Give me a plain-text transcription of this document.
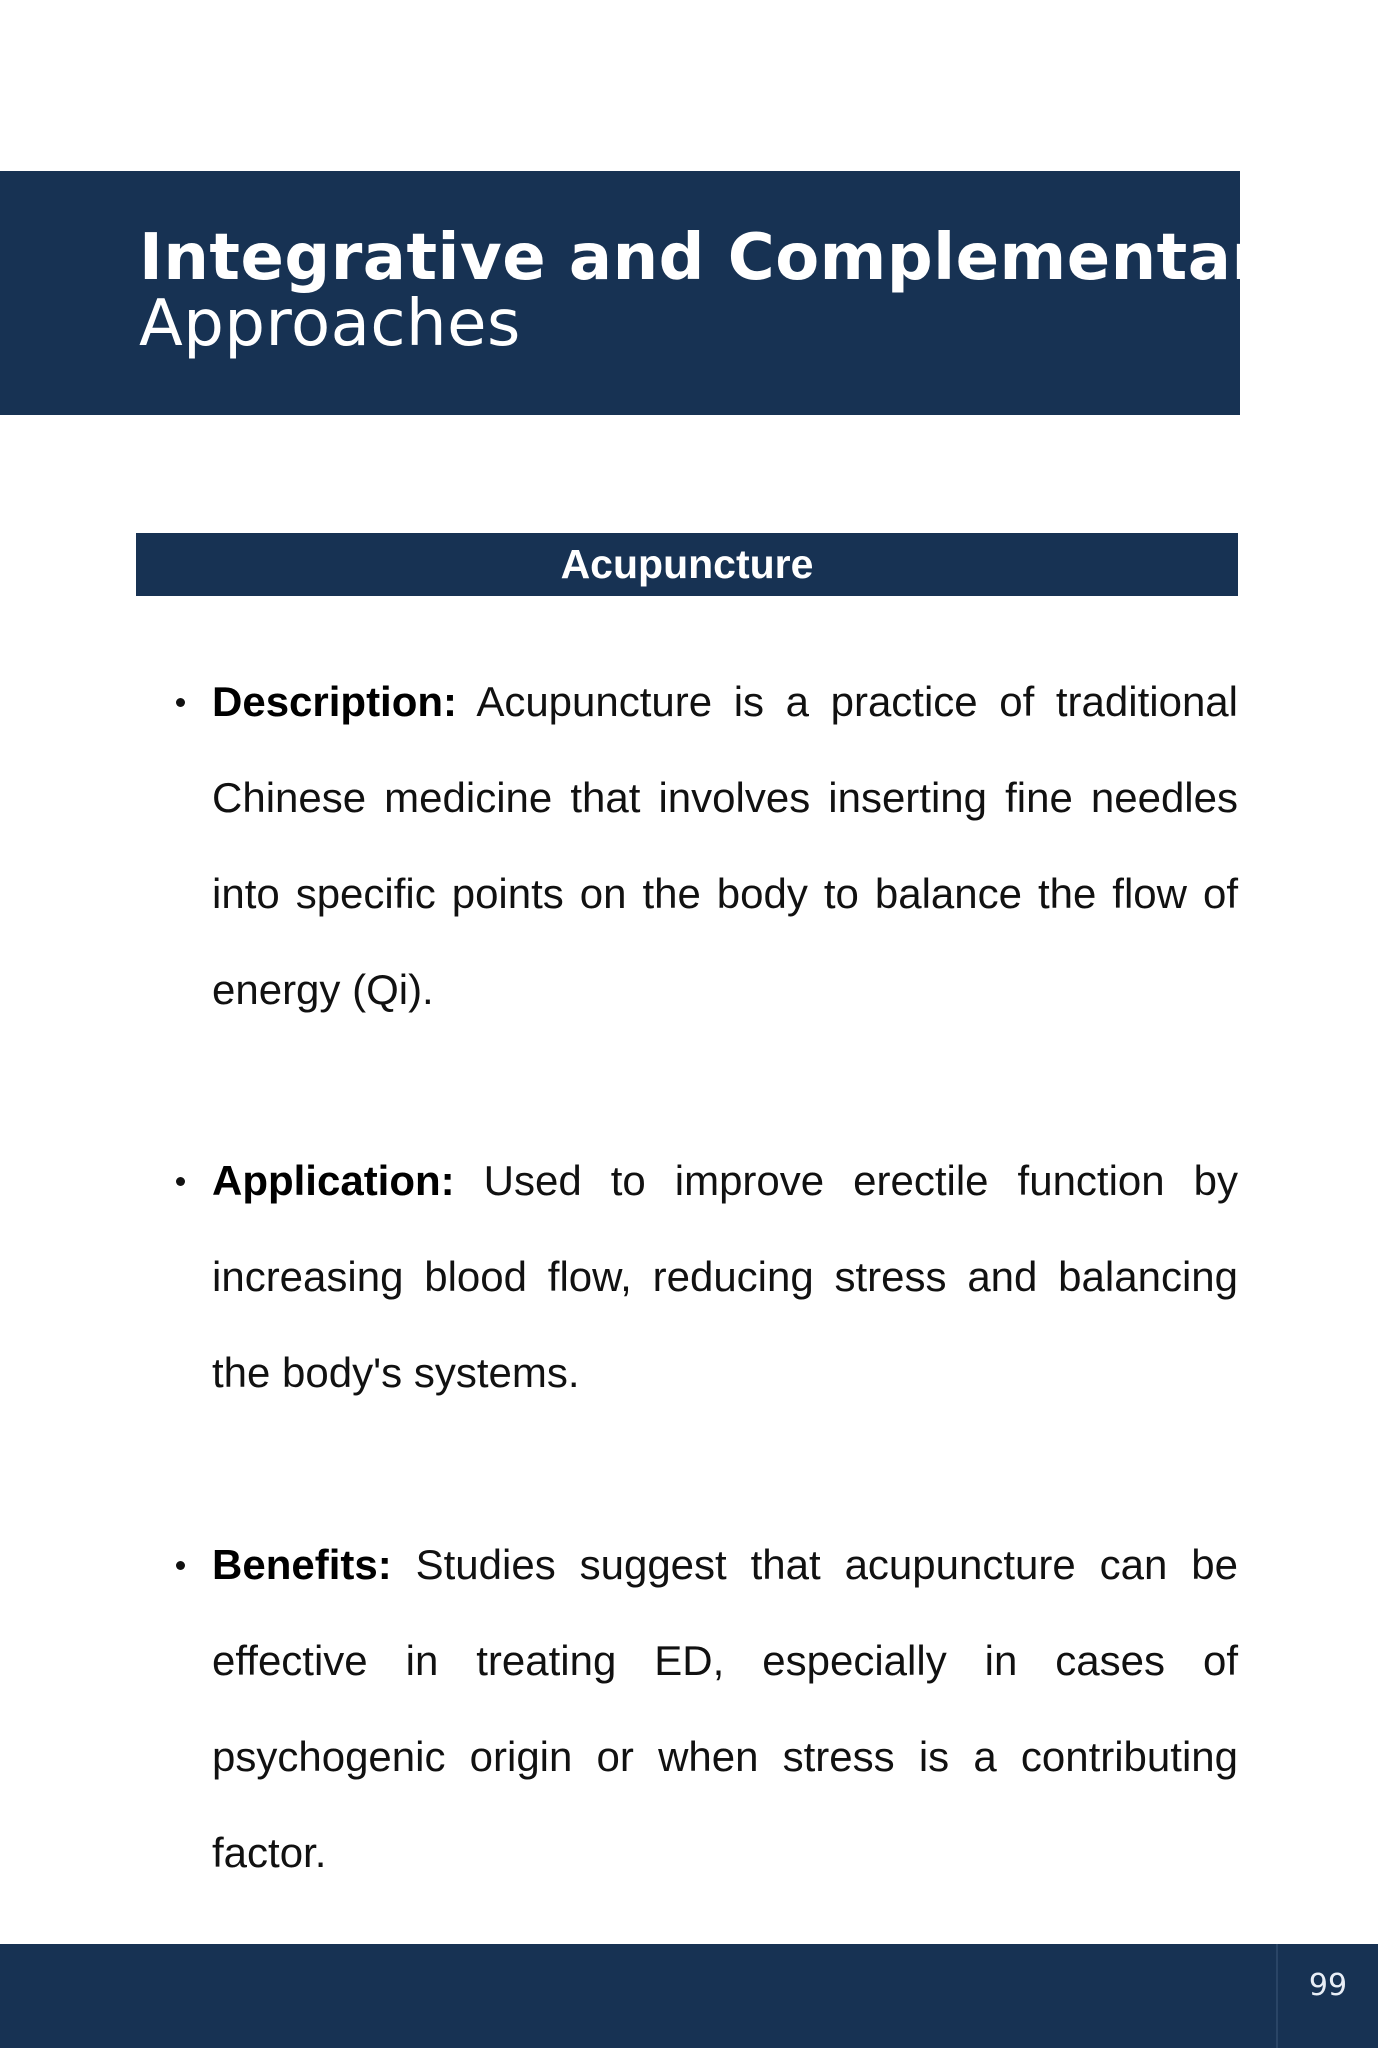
Integrative and Complementary Approaches
Acupuncture
Description: Acupuncture is a practice of traditional Chinese medicine that involves inserting fine needles into specific points on the body to balance the flow of energy (Qi).
Application: Used to improve erectile function by increasing blood flow, reducing stress and balancing the body's systems.
Benefits: Studies suggest that acupuncture can be effective in treating ED, especially in cases of psychogenic origin or when stress is a contributing factor.
99
